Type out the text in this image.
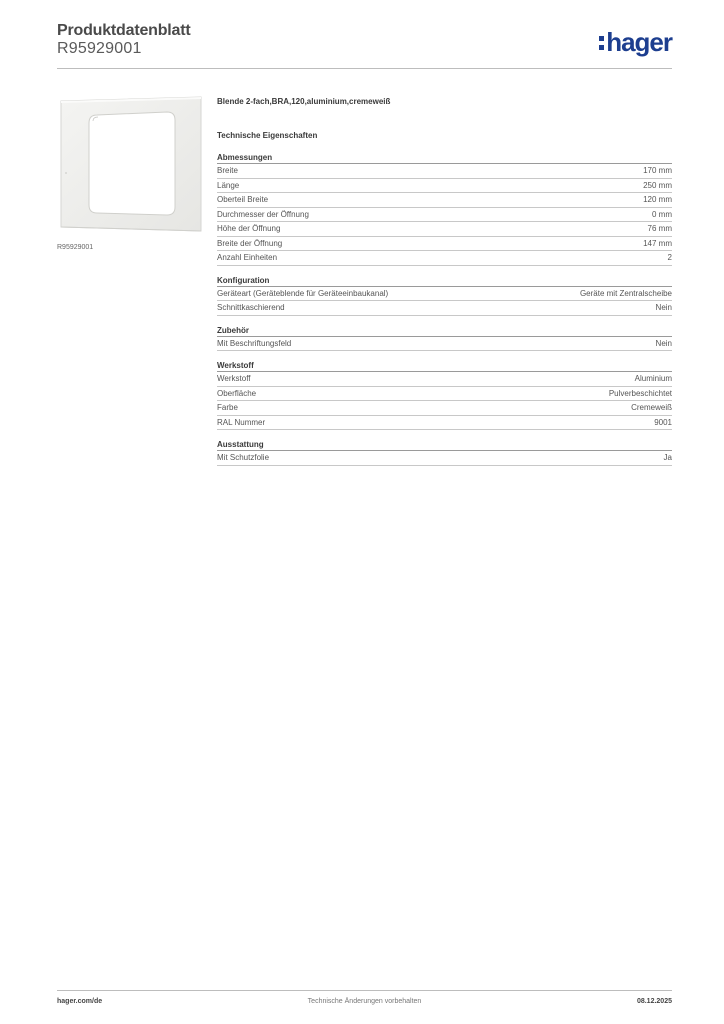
Produktdatenblatt
R95929001	hager
R95929001
Blende 2-fach,BRA,120,aluminium,cremeweiß
Technische Eigenschaften
Abmessungen
Breite	170 mm
Länge	250 mm
Oberteil Breite	120 mm
Durchmesser der Öffnung	0 mm
Höhe der Öffnung	76 mm
Breite der Öffnung	147 mm
Anzahl Einheiten	2
Konfiguration
Geräteart (Geräteblende für Geräteeinbaukanal)	Geräte mit Zentralscheibe
Schnittkaschierend	Nein
Zubehör
Mit Beschriftungsfeld	Nein
Werkstoff
Werkstoff	Aluminium
Oberfläche	Pulverbeschichtet
Farbe	Cremeweiß
RAL Nummer	9001
Ausstattung
Mit Schutzfolie	Ja
hager.com/de	Technische Änderungen vorbehalten	08.12.2025
